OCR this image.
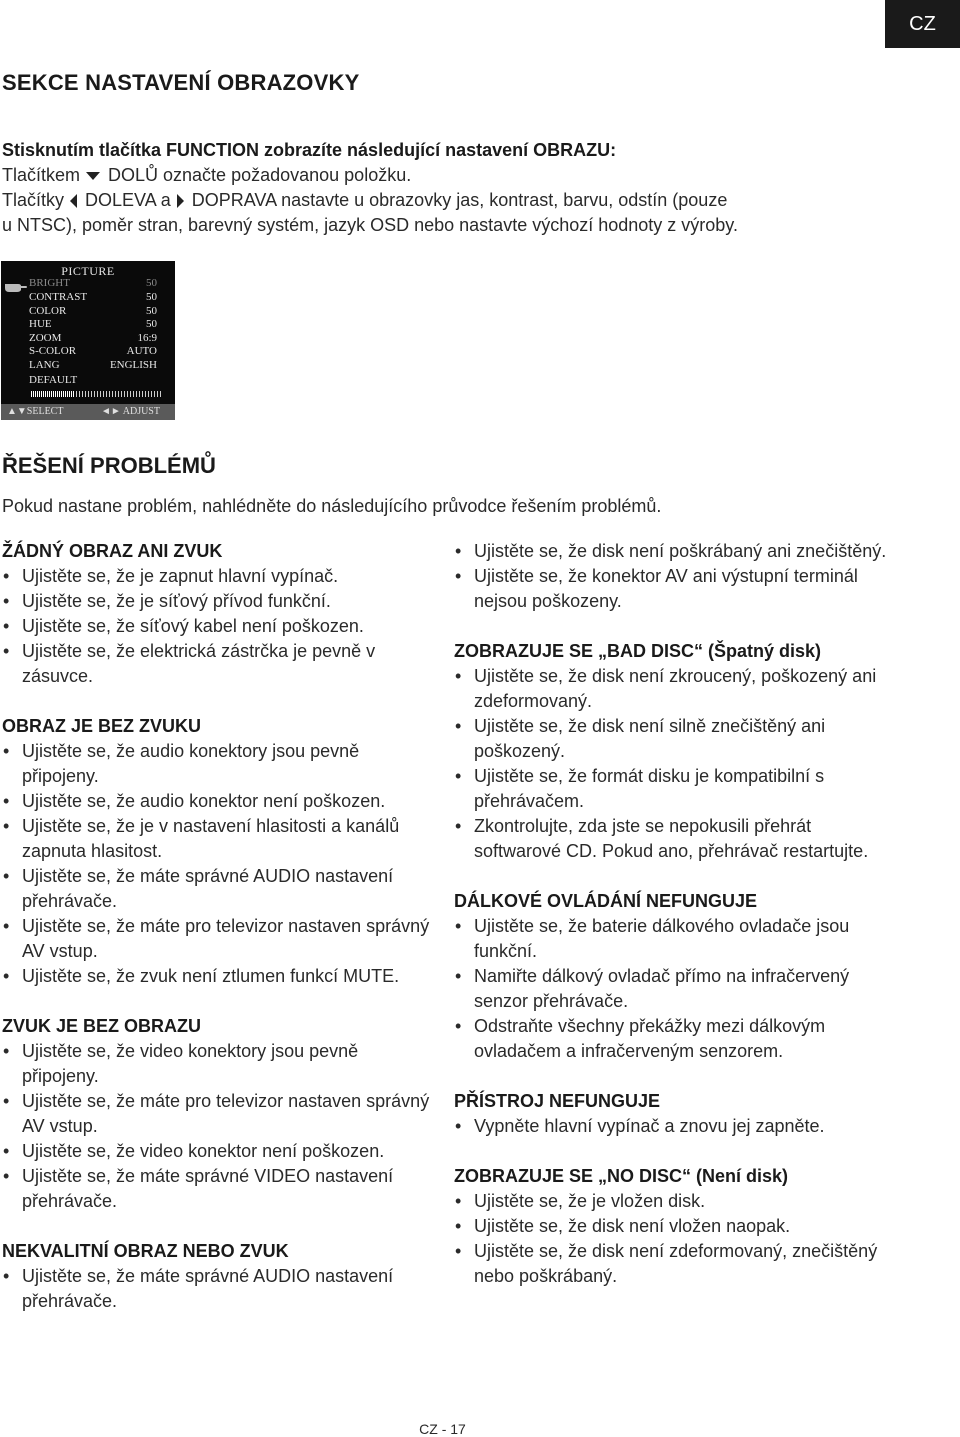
CZ
SEKCE NASTAVENÍ OBRAZOVKY

Stisknutím tlačítka FUNCTION zobrazíte následující nastavení OBRAZU:

Tlačítkem DOLŮ označte požadovanou položku.

Tlačítky DOLEVA a DOPRAVA nastavte u obrazovky jas, kontrast, barvu, odstín (pouze

u NTSC), poměr stran, barevný systém, jazyk OSD nebo nastavte výchozí hodnoty z výroby.

PICTURE
BRIGHT	50
CONTRAST	50
COLOR	50
HUE	50
ZOOM	16:9
S-COLOR	AUTO
LANG	ENGLISH
DEFAULT
▲▼SELECT	◄► ADJUST
ŘEŠENÍ PROBLÉMŮ
Pokud nastane problém, nahlédněte do následujícího průvodce řešením problémů.

ŽÁDNÝ OBRAZ ANI ZVUK

• Ujistěte se, že je zapnut hlavní vypínač.
• Ujistěte se, že je síťový přívod funkční.
• Ujistěte se, že síťový kabel není poškozen.
• Ujistěte se, že elektrická zástrčka je pevně v zásuvce.

OBRAZ JE BEZ ZVUKU

• Ujistěte se, že audio konektory jsou pevně připojeny.
• Ujistěte se, že audio konektor není poškozen.
• Ujistěte se, že je v nastavení hlasitosti a kanálů zapnuta hlasitost.
• Ujistěte se, že máte správné AUDIO nastavení přehrávače.
• Ujistěte se, že máte pro televizor nastaven správný AV vstup.
• Ujistěte se, že zvuk není ztlumen funkcí MUTE.

ZVUK JE BEZ OBRAZU

• Ujistěte se, že video konektory jsou pevně připojeny.
• Ujistěte se, že máte pro televizor nastaven správný AV vstup.
• Ujistěte se, že video konektor není poškozen.
• Ujistěte se, že máte správné VIDEO nastavení přehrávače.

NEKVALITNÍ OBRAZ NEBO ZVUK

• Ujistěte se, že máte správné AUDIO nastavení přehrávače.
• Ujistěte se, že disk není poškrábaný ani znečištěný.
• Ujistěte se, že konektor AV ani výstupní terminál nejsou poškozeny.

ZOBRAZUJE SE „BAD DISC“ (Špatný disk)

• Ujistěte se, že disk není zkroucený, poškozený ani zdeformovaný.
• Ujistěte se, že disk není silně znečištěný ani poškozený.
• Ujistěte se, že formát disku je kompatibilní s přehrávačem.
• Zkontrolujte, zda jste se nepokusili přehrát softwarové CD. Pokud ano, přehrávač restartujte.

DÁLKOVÉ OVLÁDÁNÍ NEFUNGUJE

• Ujistěte se, že baterie dálkového ovladače jsou funkční.
• Namiřte dálkový ovladač přímo na infračervený senzor přehrávače.
• Odstraňte všechny překážky mezi dálkovým ovladačem a infračerveným senzorem.

PŘÍSTROJ NEFUNGUJE

• Vypněte hlavní vypínač a znovu jej zapněte.

ZOBRAZUJE SE „NO DISC“ (Není disk)

• Ujistěte se, že je vložen disk.
• Ujistěte se, že disk není vložen naopak.
• Ujistěte se, že disk není zdeformovaný, znečištěný nebo poškrábaný.
CZ - 17
